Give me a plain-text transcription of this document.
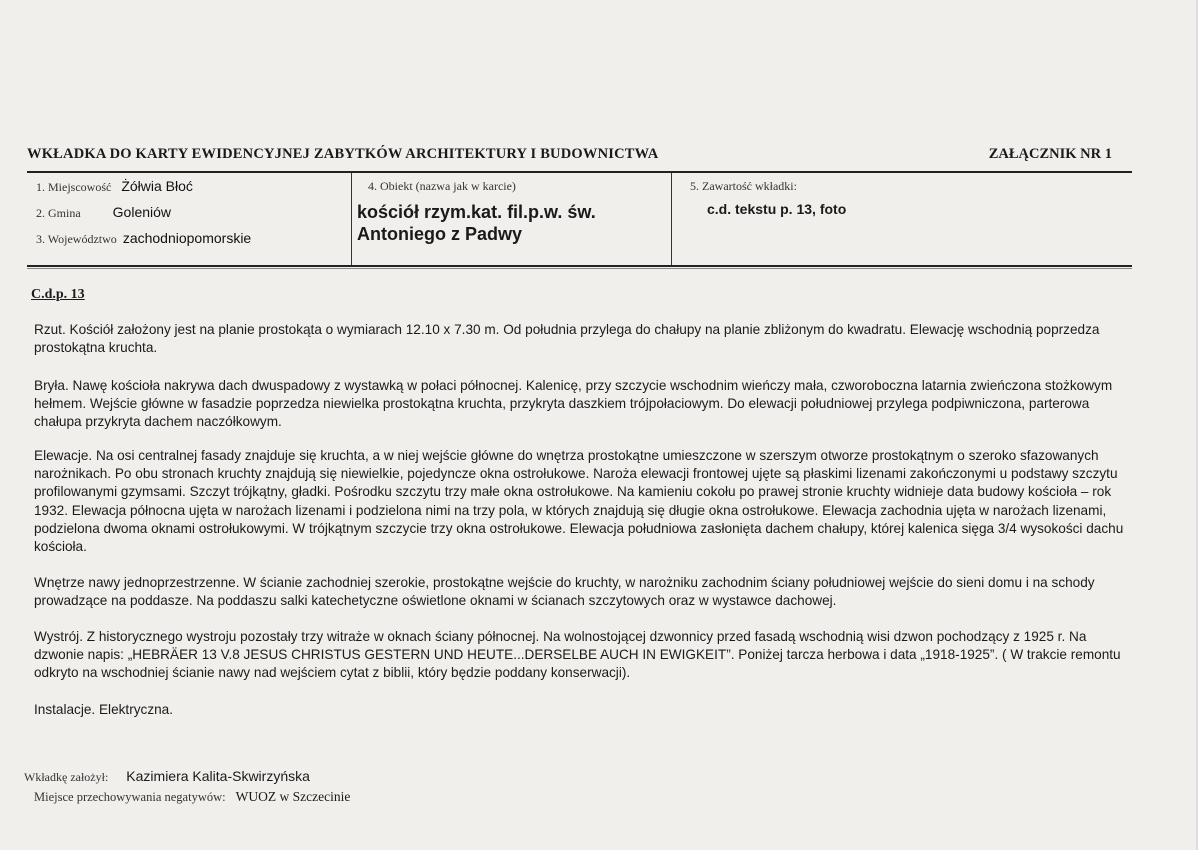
WKŁADKA DO KARTY EWIDENCYJNEJ ZABYTKÓW ARCHITEKTURY I BUDOWNICTWA	ZAŁĄCZNIK NR 1
1. Miejscowość Żółwia Błoć
2. Gmina Goleniów
3. Województwo zachodniopomorskie
4. Obiekt (nazwa jak w karcie)
kościół rzym.kat. fil.p.w. św.
Antoniego z Padwy
5. Zawartość wkładki:
c.d. tekstu p. 13, foto
C.d.p. 13

Rzut. Kościół założony jest na planie prostokąta o wymiarach 12.10 x 7.30 m. Od południa przylega do chałupy na planie zbliżonym do kwadratu. Elewację wschodnią poprzedza prostokątna kruchta.

Bryła. Nawę kościoła nakrywa dach dwuspadowy z wystawką w połaci północnej. Kalenicę, przy szczycie wschodnim wieńczy mała, czworoboczna latarnia zwieńczona stożkowym hełmem. Wejście główne w fasadzie poprzedza niewielka prostokątna kruchta, przykryta daszkiem trójpołaciowym. Do elewacji południowej przylega podpiwniczona, parterowa chałupa przykryta dachem naczółkowym.

Elewacje. Na osi centralnej fasady znajduje się kruchta, a w niej wejście główne do wnętrza prostokątne umieszczone w szerszym otworze prostokątnym o szeroko sfazowanych narożnikach. Po obu stronach kruchty znajdują się niewielkie, pojedyncze okna ostrołukowe. Naroża elewacji frontowej ujęte są płaskimi lizenami zakończonymi u podstawy szczytu profilowanymi gzymsami. Szczyt trójkątny, gładki. Pośrodku szczytu trzy małe okna ostrołukowe. Na kamieniu cokołu po prawej stronie kruchty widnieje data budowy kościoła – rok 1932. Elewacja północna ujęta w narożach lizenami i podzielona nimi na trzy pola, w których znajdują się długie okna ostrołukowe. Elewacja zachodnia ujęta w narożach lizenami, podzielona dwoma oknami ostrołukowymi. W trójkątnym szczycie trzy okna ostrołukowe. Elewacja południowa zasłonięta dachem chałupy, której kalenica sięga 3/4 wysokości dachu kościoła.

Wnętrze nawy jednoprzestrzenne. W ścianie zachodniej szerokie, prostokątne wejście do kruchty, w narożniku zachodnim ściany południowej wejście do sieni domu i na schody prowadzące na poddasze. Na poddaszu salki katechetyczne oświetlone oknami w ścianach szczytowych oraz w wystawce dachowej.

Wystrój. Z historycznego wystroju pozostały trzy witraże w oknach ściany północnej. Na wolnostojącej dzwonnicy przed fasadą wschodnią wisi dzwon pochodzący z 1925 r. Na dzwonie napis: „HEBRÄER 13 V.8 JESUS CHRISTUS GESTERN UND HEUTE...DERSELBE AUCH IN EWIGKEIT”. Poniżej tarcza herbowa i data „1918-1925”. ( W trakcie remontu odkryto na wschodniej ścianie nawy nad wejściem cytat z biblii, który będzie poddany konserwacji).

Instalacje. Elektryczna.

Wkładkę założył: Kazimiera Kalita-Skwirzyńska
Miejsce przechowywania negatywów: WUOZ w Szczecinie
